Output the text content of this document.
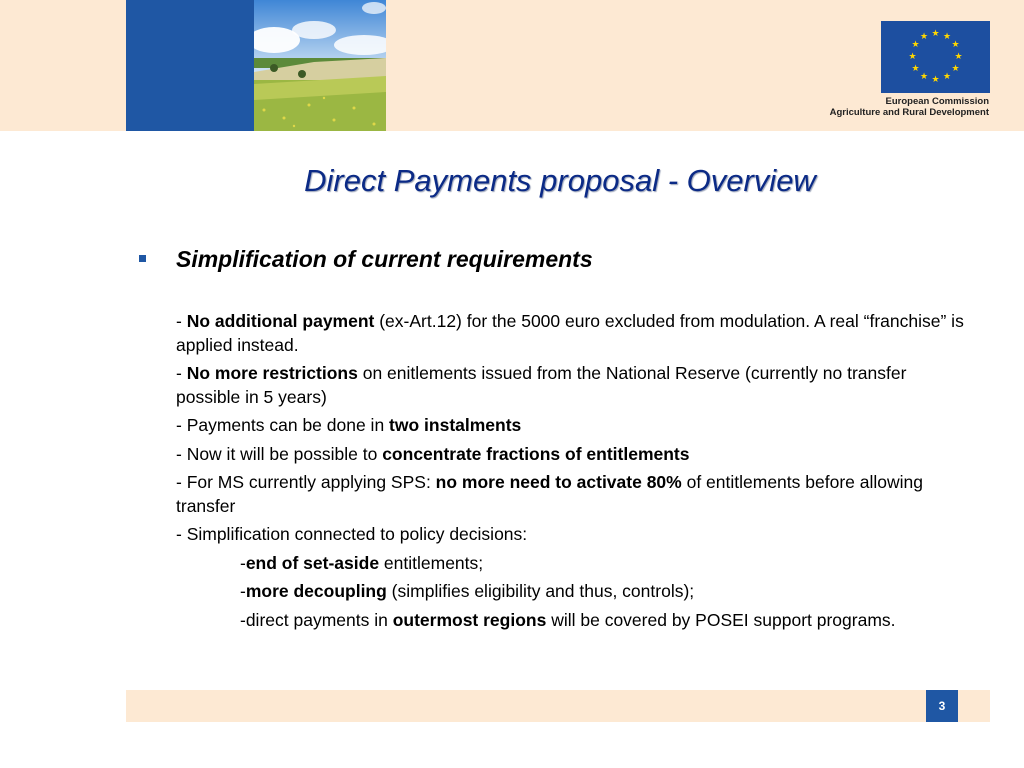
★ ★
★
★
★
★
★
★
★
★
★
★
European Commission
Agriculture and Rural Development
Direct Payments proposal - Overview
Simplification of current requirements

- No additional payment (ex-Art.12) for the 5000 euro excluded from modulation. A real “franchise” is applied instead.

- No more restrictions on enitlements issued from the National Reserve (currently no transfer possible in 5 years)

- Payments can be done in two instalments

- Now it will be possible to concentrate fractions of entitlements

- For MS currently applying SPS: no more need to activate 80% of entitlements before allowing transfer

- Simplification connected to policy decisions:

-end of set-aside entitlements;

-more decoupling (simplifies eligibility and thus, controls);

-direct payments in outermost regions will be covered by POSEI support programs.

3
